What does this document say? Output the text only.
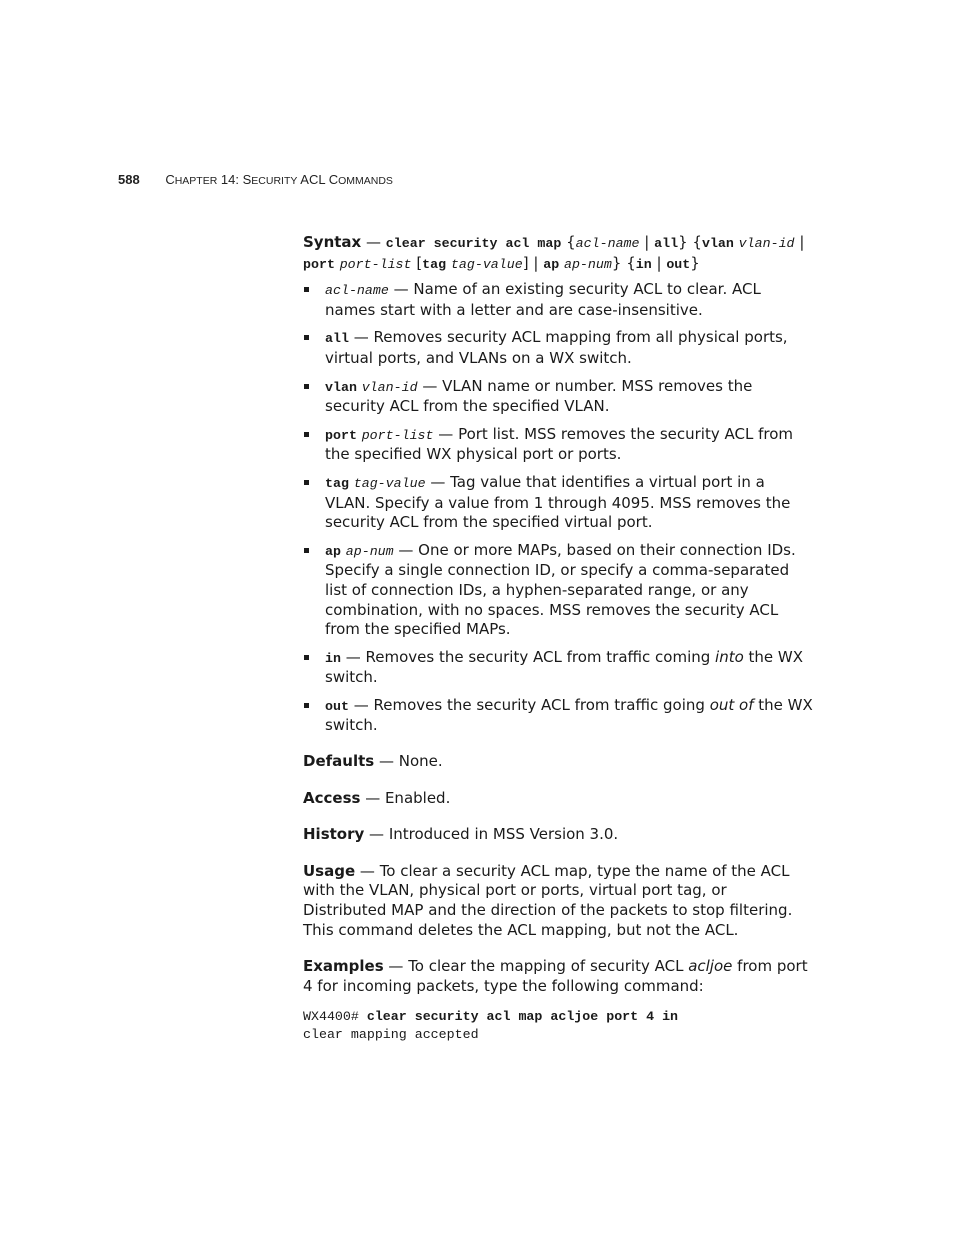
588 CHAPTER 14: SECURITY ACL COMMANDS

Syntax — clear security acl map {acl-name | all} {vlan vlan-id | port port-list [tag tag-value] | ap ap-num} {in | out}

acl-name — Name of an existing security ACL to clear. ACL names start with a letter and are case-insensitive.
all — Removes security ACL mapping from all physical ports, virtual ports, and VLANs on a WX switch.
vlan vlan-id — VLAN name or number. MSS removes the security ACL from the specified VLAN.
port port-list — Port list. MSS removes the security ACL from the specified WX physical port or ports.
tag tag-value — Tag value that identifies a virtual port in a VLAN. Specify a value from 1 through 4095. MSS removes the security ACL from the specified virtual port.
ap ap-num — One or more MAPs, based on their connection IDs. Specify a single connection ID, or specify a comma-separated list of connection IDs, a hyphen-separated range, or any combination, with no spaces. MSS removes the security ACL from the specified MAPs.
in — Removes the security ACL from traffic coming into the WX switch.
out — Removes the security ACL from traffic going out of the WX switch.

Defaults — None.

Access — Enabled.

History — Introduced in MSS Version 3.0.

Usage — To clear a security ACL map, type the name of the ACL with the VLAN, physical port or ports, virtual port tag, or Distributed MAP and the direction of the packets to stop filtering. This command deletes the ACL mapping, but not the ACL.

Examples — To clear the mapping of security ACL acljoe from port 4 for incoming packets, type the following command:

WX4400# clear security acl map acljoe port 4 in
clear mapping accepted
